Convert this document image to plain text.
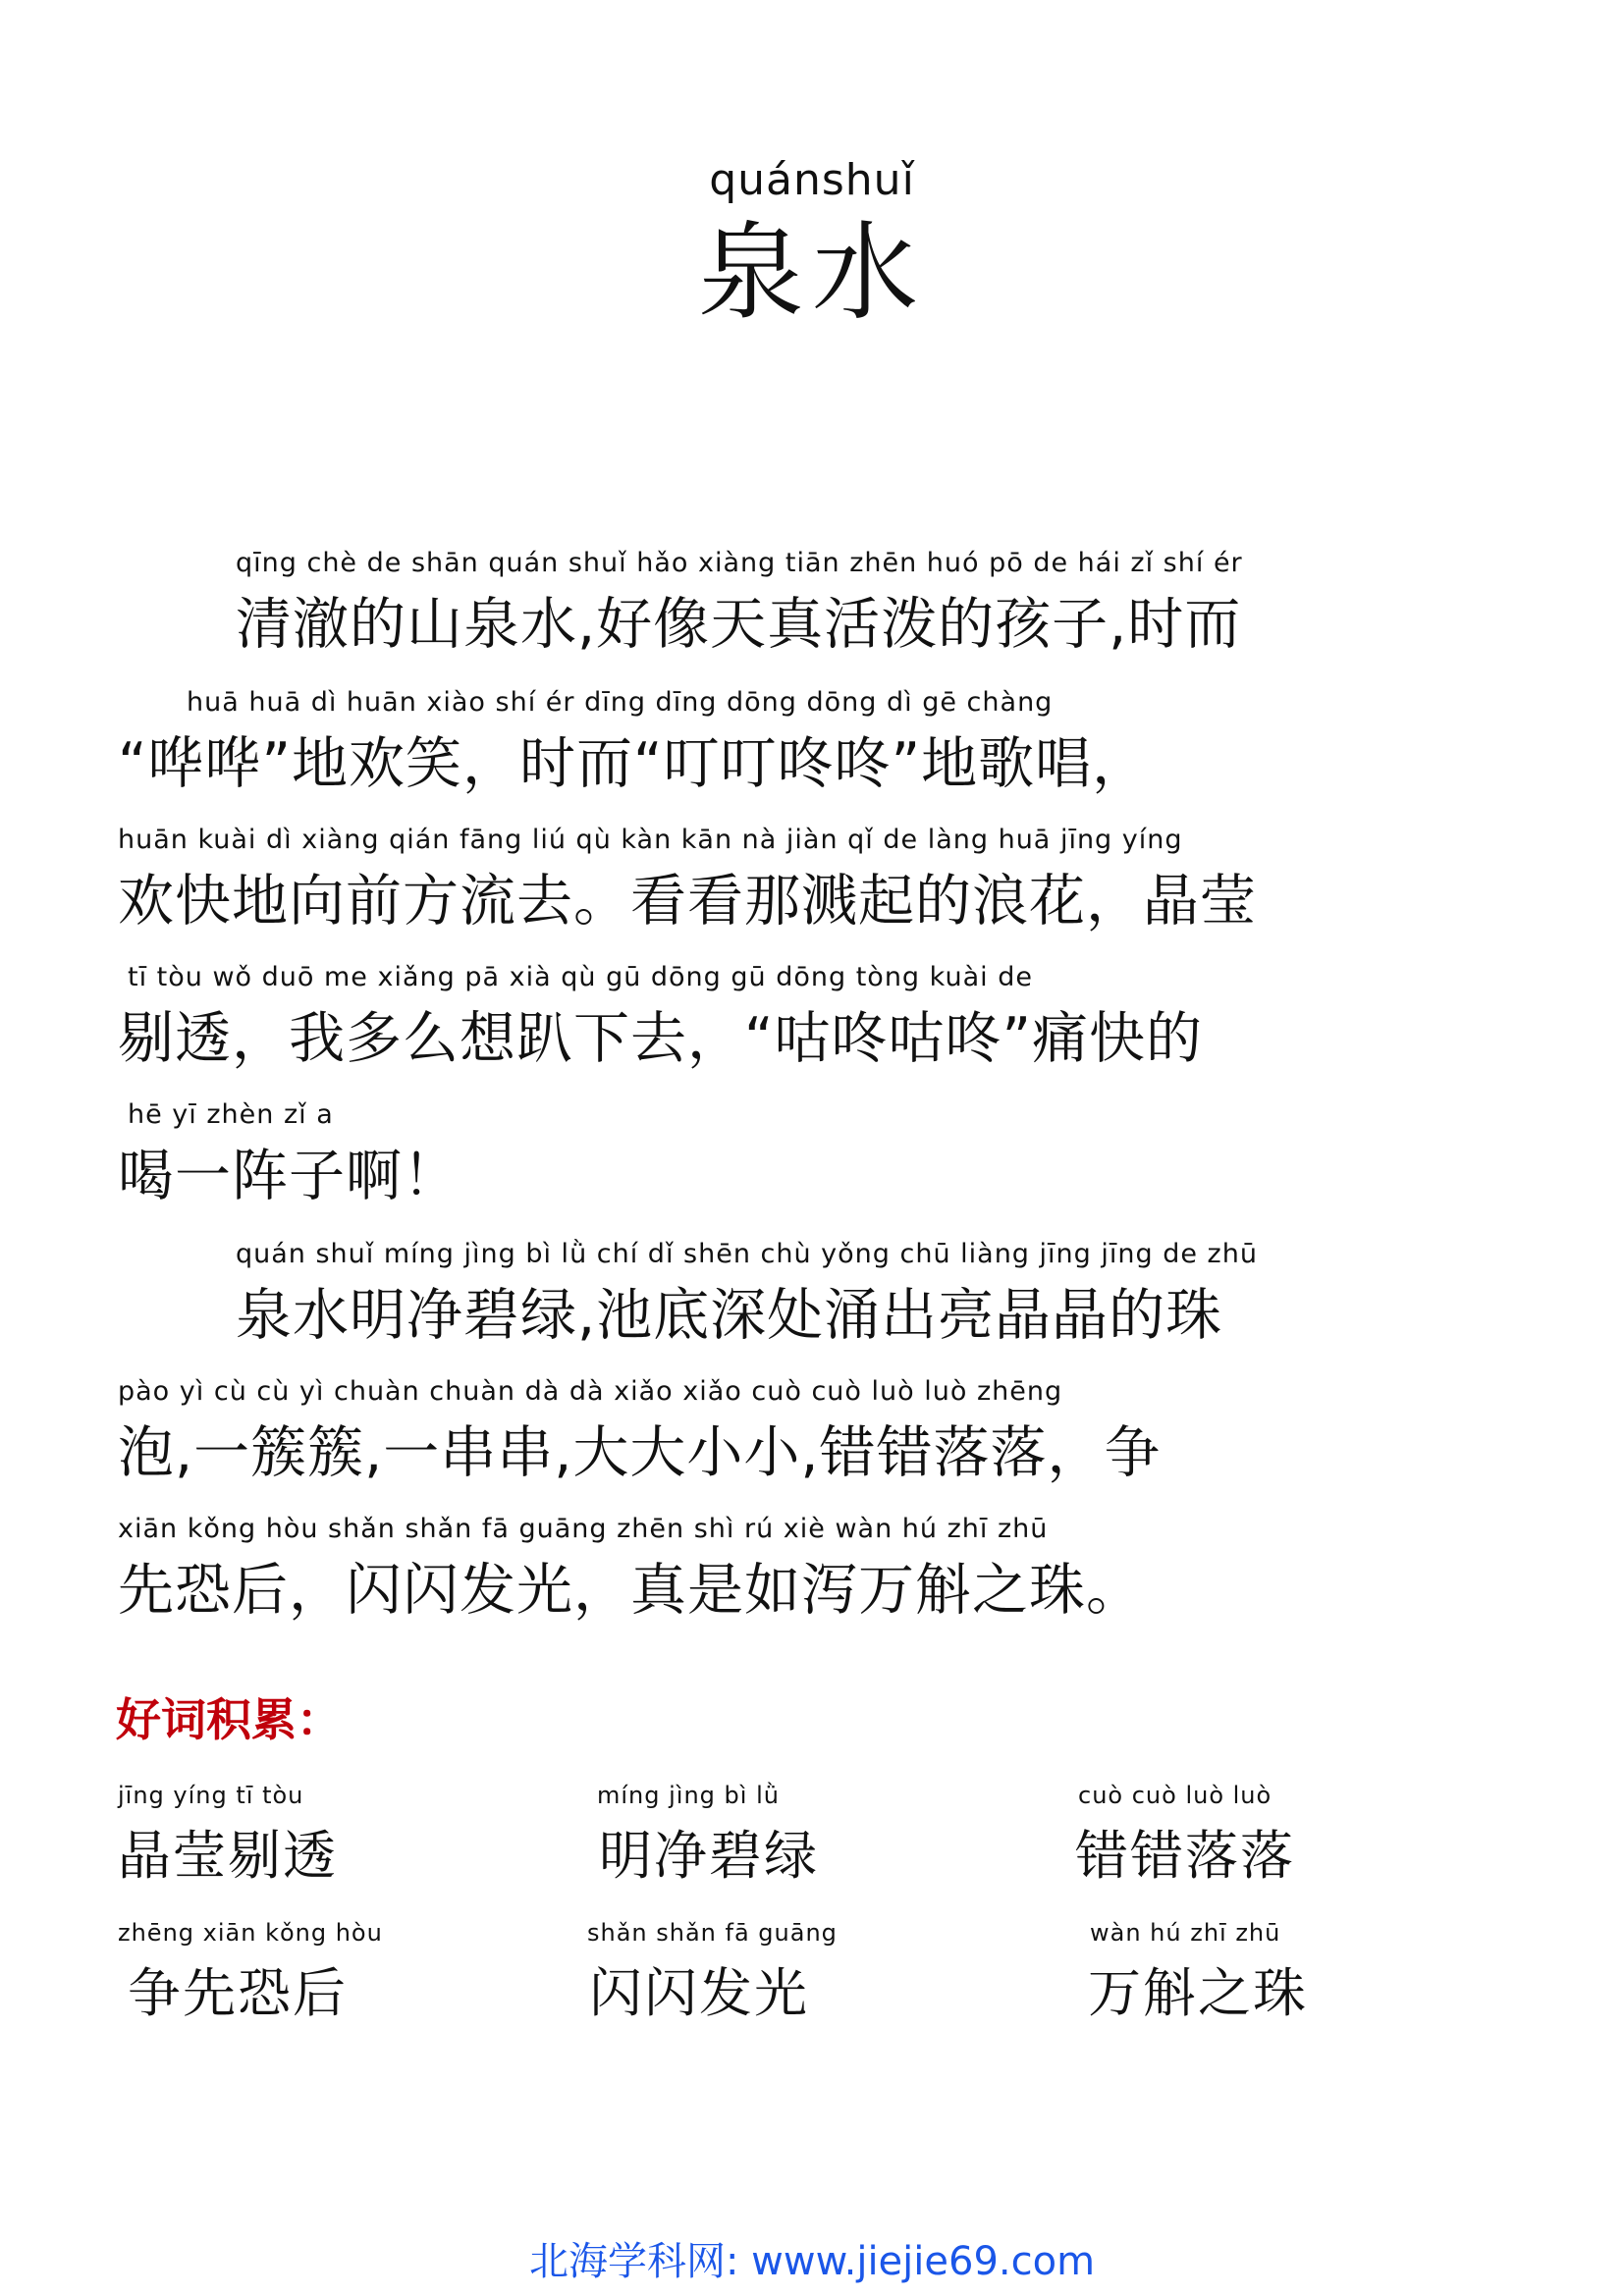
quánshuǐ
泉水
qīng chè de shān quán shuǐ hǎo xiàng tiān zhēn huó pō de hái zǐ shí ér
清澈的山泉水,好像天真活泼的孩子,时而
huā huā dì huān xiào shí ér dīng dīng dōng dōng dì gē chàng
“哗哗”地欢笑，时而“叮叮咚咚”地歌唱，
huān kuài dì xiàng qián fāng liú qù kàn kān nà jiàn qǐ de làng huā jīng yíng
欢快地向前方流去。看看那溅起的浪花，晶莹
tī tòu wǒ duō me xiǎng pā xià qù gū dōng gū dōng tòng kuài de
剔透，我多么想趴下去，“咕咚咕咚”痛快的
hē yī zhèn zǐ a
喝一阵子啊！
quán shuǐ míng jìng bì lǜ chí dǐ shēn chù yǒng chū liàng jīng jīng de zhū
泉水明净碧绿,池底深处涌出亮晶晶的珠
pào yì cù cù yì chuàn chuàn dà dà xiǎo xiǎo cuò cuò luò luò zhēng
泡,一簇簇,一串串,大大小小,错错落落，争
xiān kǒng hòu shǎn shǎn fā guāng zhēn shì rú xiè wàn hú zhī zhū
先恐后，闪闪发光，真是如泻万斛之珠。
好词积累：
jīng yíng tī tòu
晶莹剔透
míng jìng bì lǜ
明净碧绿
cuò cuò luò luò
错错落落
zhēng xiān kǒng hòu
争先恐后
shǎn shǎn fā guāng
闪闪发光
wàn hú zhī zhū
万斛之珠
北海学科网: www.jiejie69.com
